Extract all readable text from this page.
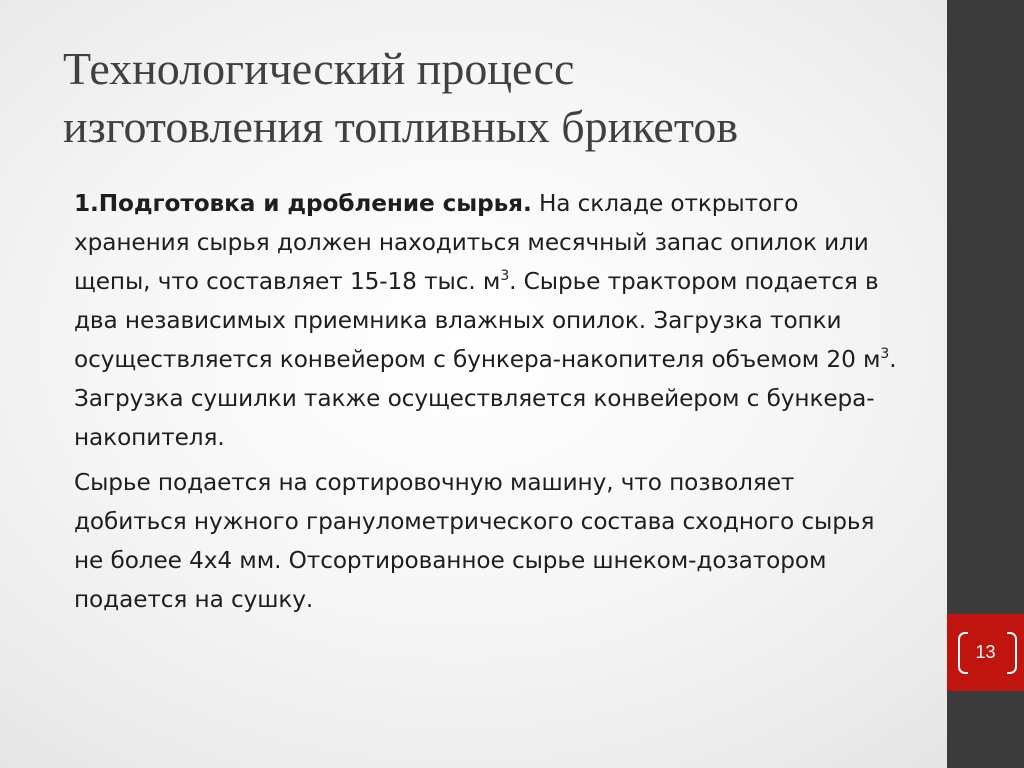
Технологический процесс
изготовления топливных брикетов

1.Подготовка и дробление сырья. На складе открытого хранения сырья должен находиться месячный запас опилок или щепы, что составляет 15-18 тыс. $м^3$. Сырье трактором подается в два независимых приемника влажных опилок. Загрузка топки осуществляется конвейером с бункера-накопителя объемом 20 $м^3$. Загрузка сушилки также осуществляется конвейером с бункера-накопителя.

Сырье подается на сортировочную машину, что позволяет добиться нужного гранулометрического состава сходного сырья не более 4х4 мм. Отсортированное сырье шнеком-дозатором подается на сушку.

13
